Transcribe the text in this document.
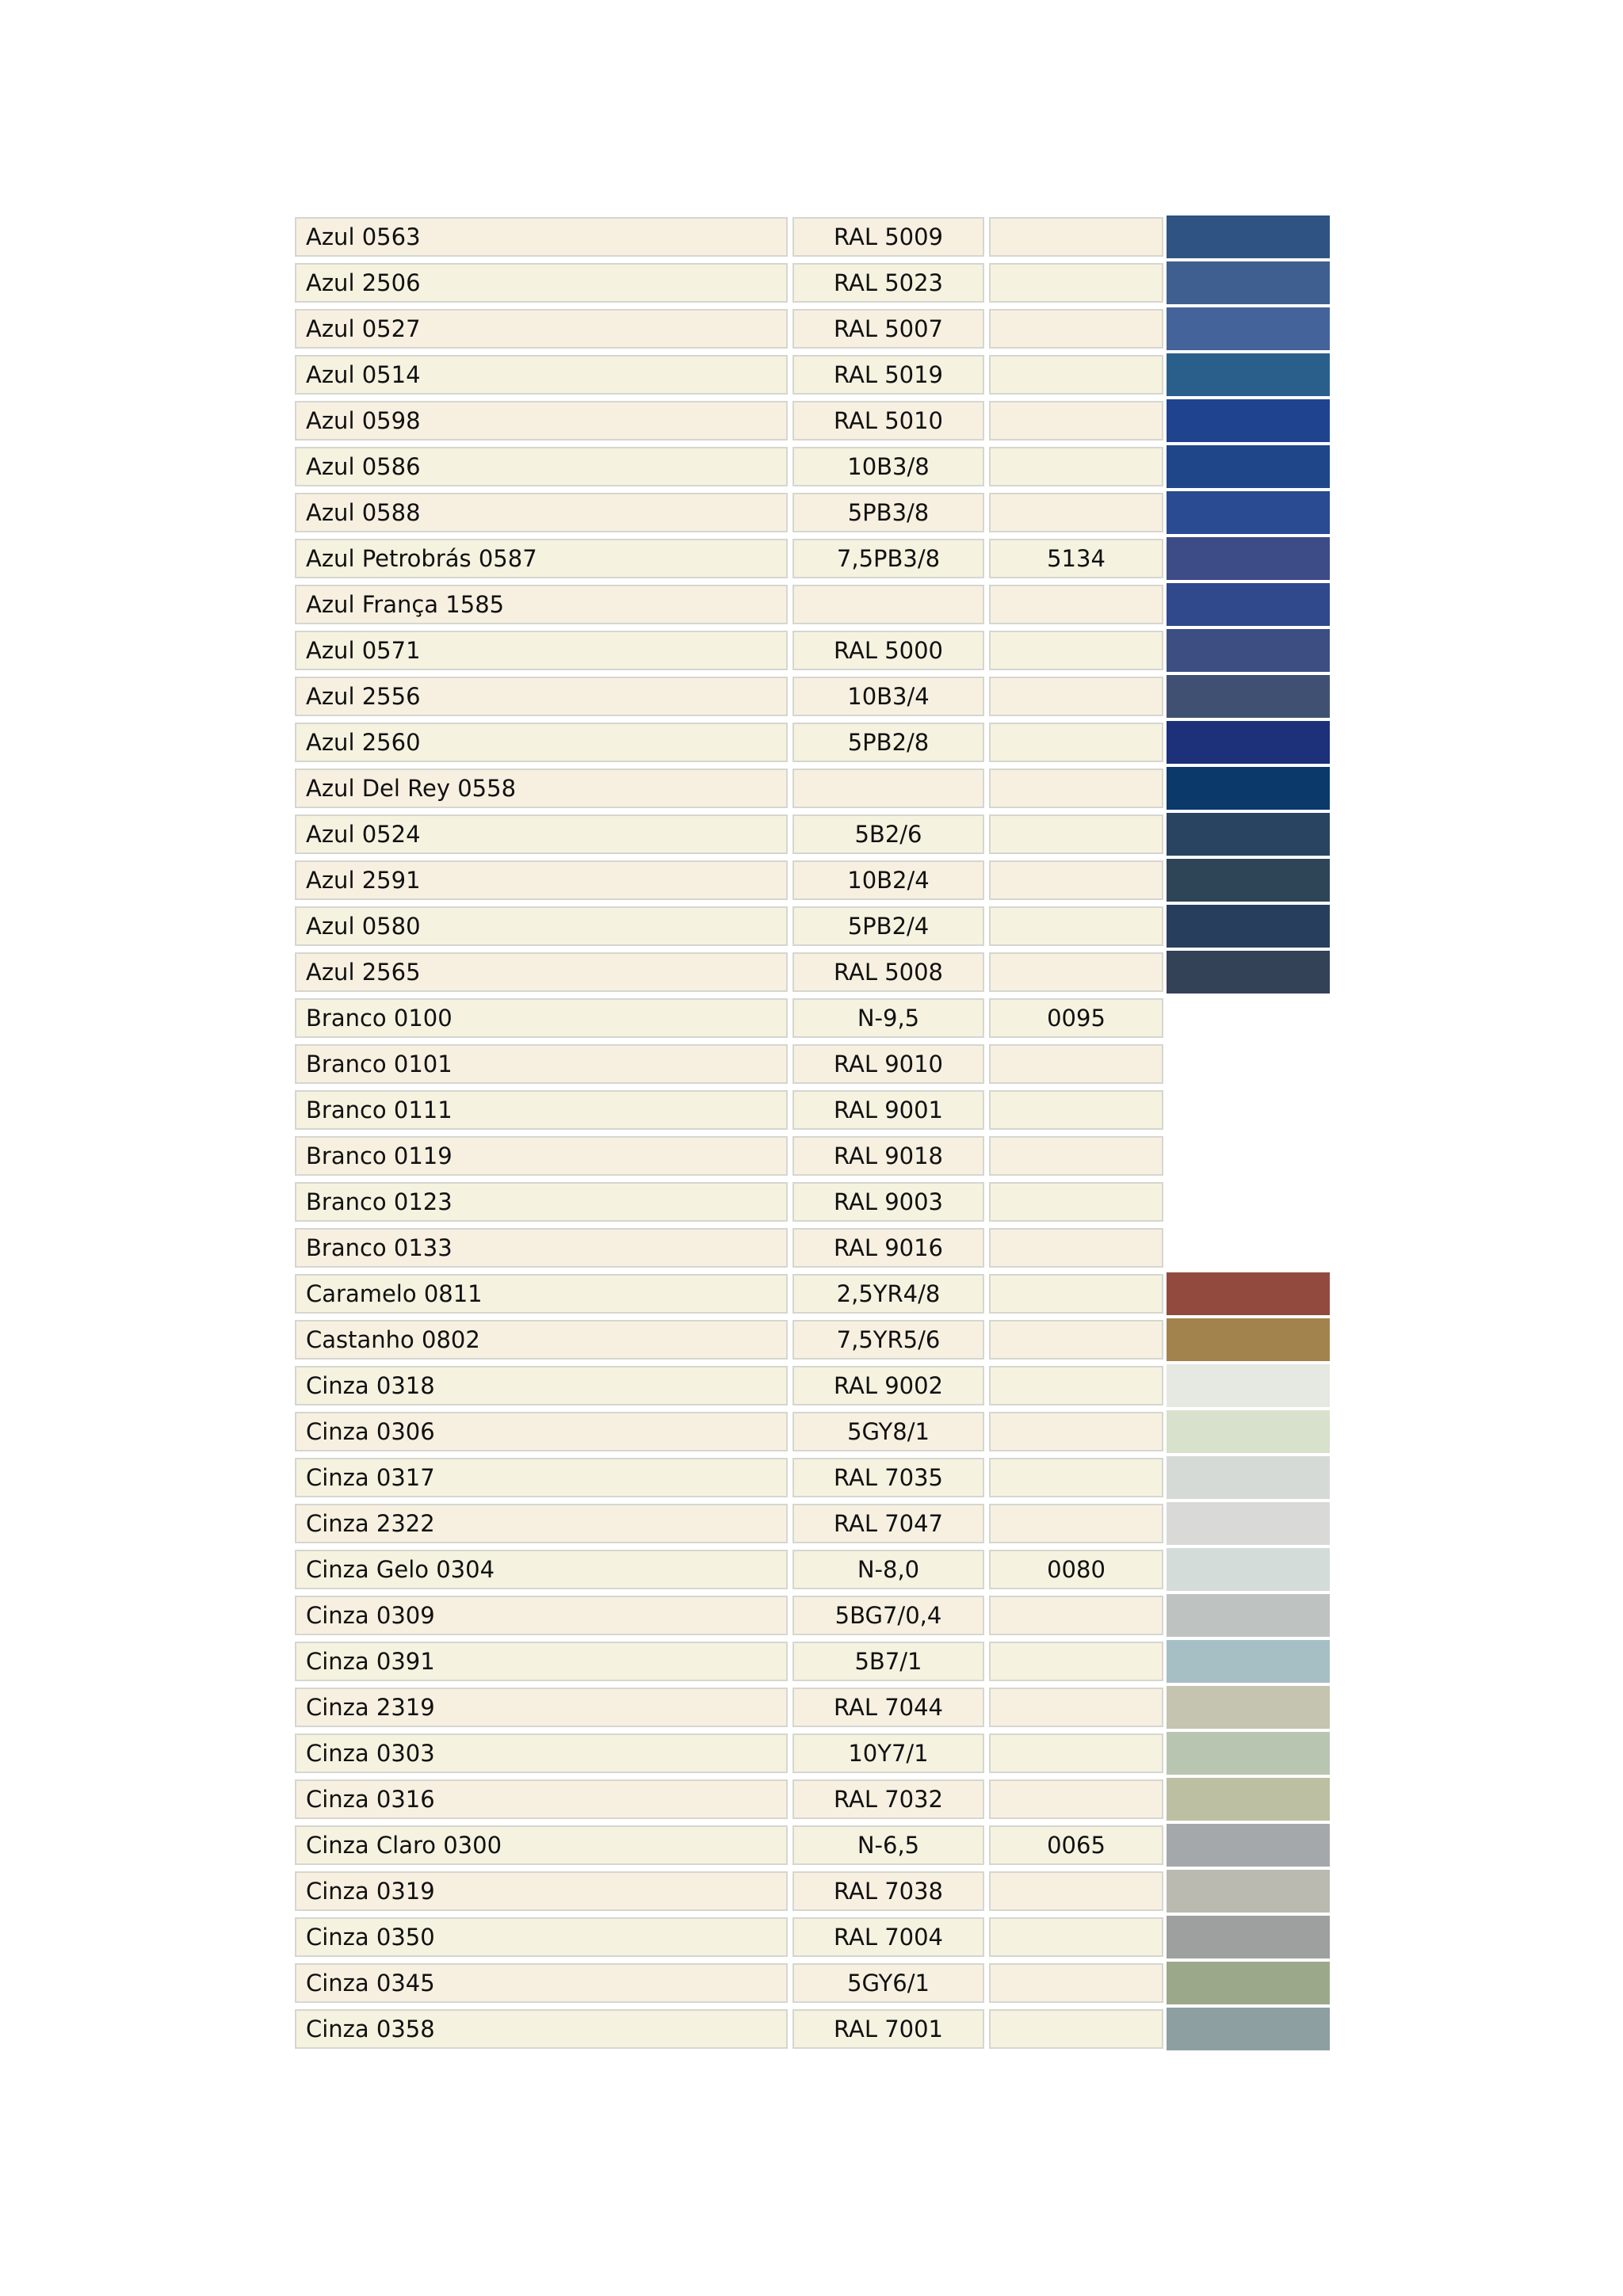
Azul 0563	RAL 5009
Azul 2506	RAL 5023
Azul 0527	RAL 5007
Azul 0514	RAL 5019
Azul 0598	RAL 5010
Azul 0586	10B3/8
Azul 0588	5PB3/8
Azul Petrobrás 0587	7,5PB3/8	5134
Azul França 1585
Azul 0571	RAL 5000
Azul 2556	10B3/4
Azul 2560	5PB2/8
Azul Del Rey 0558
Azul 0524	5B2/6
Azul 2591	10B2/4
Azul 0580	5PB2/4
Azul 2565	RAL 5008
Branco 0100	N-9,5	0095
Branco 0101	RAL 9010
Branco 0111	RAL 9001
Branco 0119	RAL 9018
Branco 0123	RAL 9003
Branco 0133	RAL 9016
Caramelo 0811	2,5YR4/8
Castanho 0802	7,5YR5/6
Cinza 0318	RAL 9002
Cinza 0306	5GY8/1
Cinza 0317	RAL 7035
Cinza 2322	RAL 7047
Cinza Gelo 0304	N-8,0	0080
Cinza 0309	5BG7/0,4
Cinza 0391	5B7/1
Cinza 2319	RAL 7044
Cinza 0303	10Y7/1
Cinza 0316	RAL 7032
Cinza Claro 0300	N-6,5	0065
Cinza 0319	RAL 7038
Cinza 0350	RAL 7004
Cinza 0345	5GY6/1
Cinza 0358	RAL 7001
